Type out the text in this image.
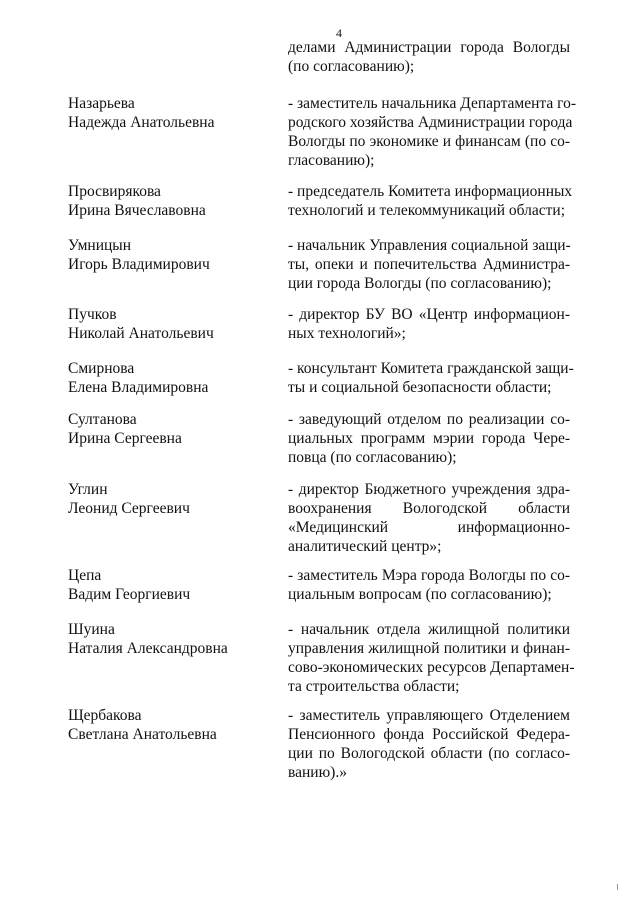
4
делами Администрации города Вологды
(по согласованию);
Назарьева
Надежда Анатольевна
- заместитель начальника Департамента го-
родского хозяйства Администрации города
Вологды по экономике и финансам (по со-
гласованию);
Просвирякова
Ирина Вячеславовна
- председатель Комитета информационных
технологий и телекоммуникаций области;
Умницын
Игорь Владимирович
- начальник Управления социальной защи-
ты, опеки и попечительства Администра-
ции города Вологды (по согласованию);
Пучков
Николай Анатольевич
- директор БУ ВО «Центр информацион-
ных технологий»;
Смирнова
Елена Владимировна
- консультант Комитета гражданской защи-
ты и социальной безопасности области;
Султанова
Ирина Сергеевна
- заведующий отделом по реализации со-
циальных программ мэрии города Чере-
повца (по согласованию);
Углин
Леонид Сергеевич
- директор Бюджетного учреждения здра-
воохранения Вологодской области
«Медицинский информационно-
аналитический центр»;
Цепа
Вадим Георгиевич
- заместитель Мэра города Вологды по со-
циальным вопросам (по согласованию);
Шуина
Наталия Александровна
- начальник отдела жилищной политики
управления жилищной политики и финан-
сово-экономических ресурсов Департамен-
та строительства области;
Щербакова
Светлана Анатольевна
- заместитель управляющего Отделением
Пенсионного фонда Российской Федера-
ции по Вологодской области (по согласо-
ванию).»
